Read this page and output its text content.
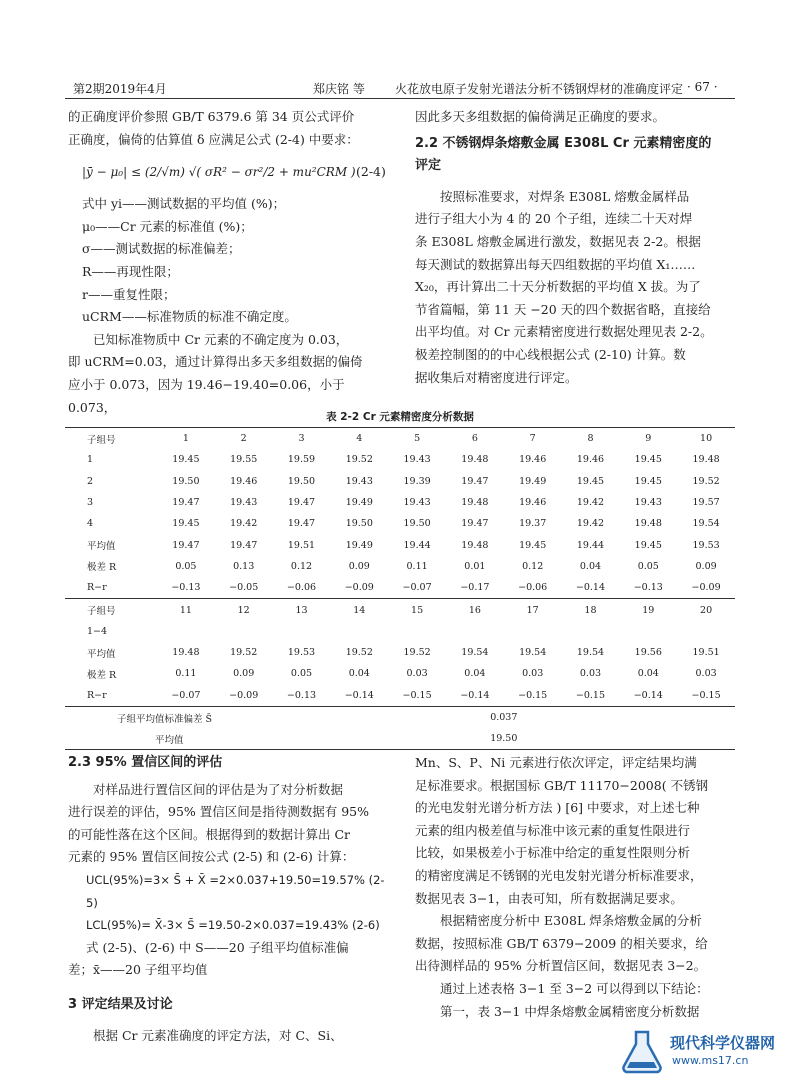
第2期2019年4月	郑庆铭 等	火花放电原子发射光谱法分析不锈钢焊材的准确度评定 · 67 ·

的正确度评价参照 GB/T 6379.6 第 34 页公式评价

正确度，偏倚的估算值 δ 应满足公式 (2-4) 中要求：

|ȳ̄ − μ₀| ≤ (2/√m) √( σR² − σr²/2 + mu²CRM ) (2-4)

式中 yi——测试数据的平均值 (%)；

μ₀——Cr 元素的标准值 (%)；

σ——测试数据的标准偏差；

R——再现性限；

r——重复性限；

uCRM——标准物质的标准不确定度。

已知标准物质中 Cr 元素的不确定度为 0.03，

即 uCRM=0.03，通过计算得出多天多组数据的偏倚

应小于 0.073，因为 19.46−19.40=0.06，小于 0.073，

因此多天多组数据的偏倚满足正确度的要求。

2.2 不锈钢焊条熔敷金属 E308L Cr 元素精密度的

评定

按照标准要求，对焊条 E308L 熔敷金属样品

进行子组大小为 4 的 20 个子组，连续二十天对焊

条 E308L 熔敷金属进行激发，数据见表 2-2。根据

每天测试的数据算出每天四组数据的平均值 X₁……

X₂₀，再计算出二十天分析数据的平均值 X 拔。为了

节省篇幅，第 11 天 −20 天的四个数据省略，直接给

出平均值。对 Cr 元素精密度进行数据处理见表 2-2。

极差控制图的的中心线根据公式 (2-10) 计算。数

据收集后对精密度进行评定。

表 2-2 Cr 元素精密度分析数据
子组号	1	2	3	4	5	6	7	8	9	10
1	19.45	19.55	19.59	19.52	19.43	19.48	19.46	19.46	19.45	19.48
2	19.50	19.46	19.50	19.43	19.39	19.47	19.49	19.45	19.45	19.52
3	19.47	19.43	19.47	19.49	19.43	19.48	19.46	19.42	19.43	19.57
4	19.45	19.42	19.47	19.50	19.50	19.47	19.37	19.42	19.48	19.54
平均值	19.47	19.47	19.51	19.49	19.44	19.48	19.45	19.44	19.45	19.53
极差 R	0.05	0.13	0.12	0.09	0.11	0.01	0.12	0.04	0.05	0.09
R−r	−0.13	−0.05	−0.06	−0.09	−0.07	−0.17	−0.06	−0.14	−0.13	−0.09
子组号	11	12	13	14	15	16	17	18	19	20
1−4										
平均值	19.48	19.52	19.53	19.52	19.52	19.54	19.54	19.54	19.56	19.51
极差 R	0.11	0.09	0.05	0.04	0.03	0.04	0.03	0.03	0.04	0.03
R−r	−0.07	−0.09	−0.13	−0.14	−0.15	−0.14	−0.15	−0.15	−0.14	−0.15
子组平均值标准偏差 S̄			0.037							
平均值			19.50							

2.3 95% 置信区间的评估

对样品进行置信区间的评估是为了对分析数据

进行误差的评估，95% 置信区间是指待测数据有 95%

的可能性落在这个区间。根据得到的数据计算出 Cr

元素的 95% 置信区间按公式 (2-5) 和 (2-6) 计算：

UCL(95%)=3× S̄ + X̄ =2×0.037+19.50=19.57% (2-5)

LCL(95%)= X̄-3× S̄ =19.50-2×0.037=19.43% (2-6)

式 (2-5)、(2-6) 中 S——20 子组平均值标准偏

差；x̄——20 子组平均值

3 评定结果及讨论

根据 Cr 元素准确度的评定方法，对 C、Si、

Mn、S、P、Ni 元素进行依次评定，评定结果均满

足标准要求。根据国标 GB/T 11170−2008( 不锈钢

的光电发射光谱分析方法 ) [6] 中要求，对上述七种

元素的组内极差值与标准中该元素的重复性限进行

比较，如果极差小于标准中给定的重复性限则分析

的精密度满足不锈钢的光电发射光谱分析标准要求，

数据见表 3−1，由表可知，所有数据满足要求。

根据精密度分析中 E308L 焊条熔敷金属的分析

数据，按照标准 GB/T 6379−2009 的相关要求，给

出待测样品的 95% 分析置信区间，数据见表 3−2。

通过上述表格 3−1 至 3−2 可以得到以下结论：

第一，表 3−1 中焊条熔敷金属精密度分析数据

现代科学仪器网
www.ms17.cn
